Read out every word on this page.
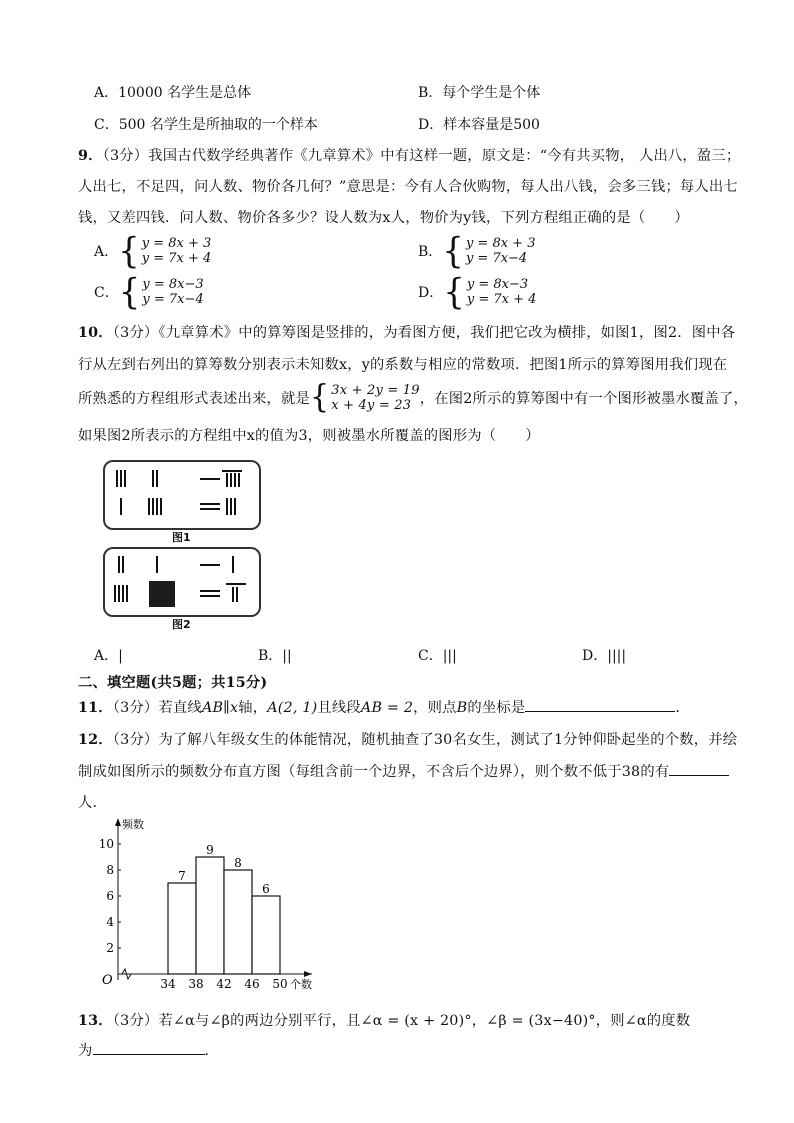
A．10000 名学生是总体	B．每个学生是个体
C．500 名学生是所抽取的一个样本	D．样本容量是500
9．（3分）我国古代数学经典著作《九章算术》中有这样一题，原文是：“今有共买物， 人出八，盈三；
人出七，不足四，问人数、物价各几何？”意思是：今有人合伙购物，每人出八钱，会多三钱；每人出七
钱，又差四钱．问人数、物价各多少？设人数为x人，物价为y钱，下列方程组正确的是（　　）
A． { y = 8x + 3
y = 7x + 4	B． { y = 8x + 3
y = 7x−4
C． { y = 8x−3
y = 7x−4	D． { y = 8x−3
y = 7x + 4
10．（3分）《九章算术》中的算筹图是竖排的，为看图方便，我们把它改为横排，如图1，图2．图中各
行从左到右列出的算筹数分别表示未知数x，y的系数与相应的常数项．把图1所示的算筹图用我们现在
所熟悉的方程组形式表述出来，就是 { 3x + 2y = 19
x + 4y = 23 ，在图2所示的算筹图中有一个图形被墨水覆盖了，
如果图2所表示的方程组中x的值为3，则被墨水所覆盖的图形为（　　）
图1
图2
A．|	B．||	C．|||	D．||||
二、填空题(共5题；共15分)
11．（3分）若直线AB∥x轴，A(2, 1)且线段AB = 2，则点B的坐标是	．
12．（3分）为了解八年级女生的体能情况，随机抽查了30名女生，测试了1分钟仰卧起坐的个数，并绘
制成如图所示的频数分布直方图（每组含前一个边界，不含后个边界），则个数不低于38的有
人．
频数
个数
O
2
4
6
8
10
34 38 42 46 50
7
9
8
6
13．（3分）若∠α与∠β的两边分别平行，且∠α = (x + 20)°，∠β = (3x−40)°，则∠α的度数
为	.
